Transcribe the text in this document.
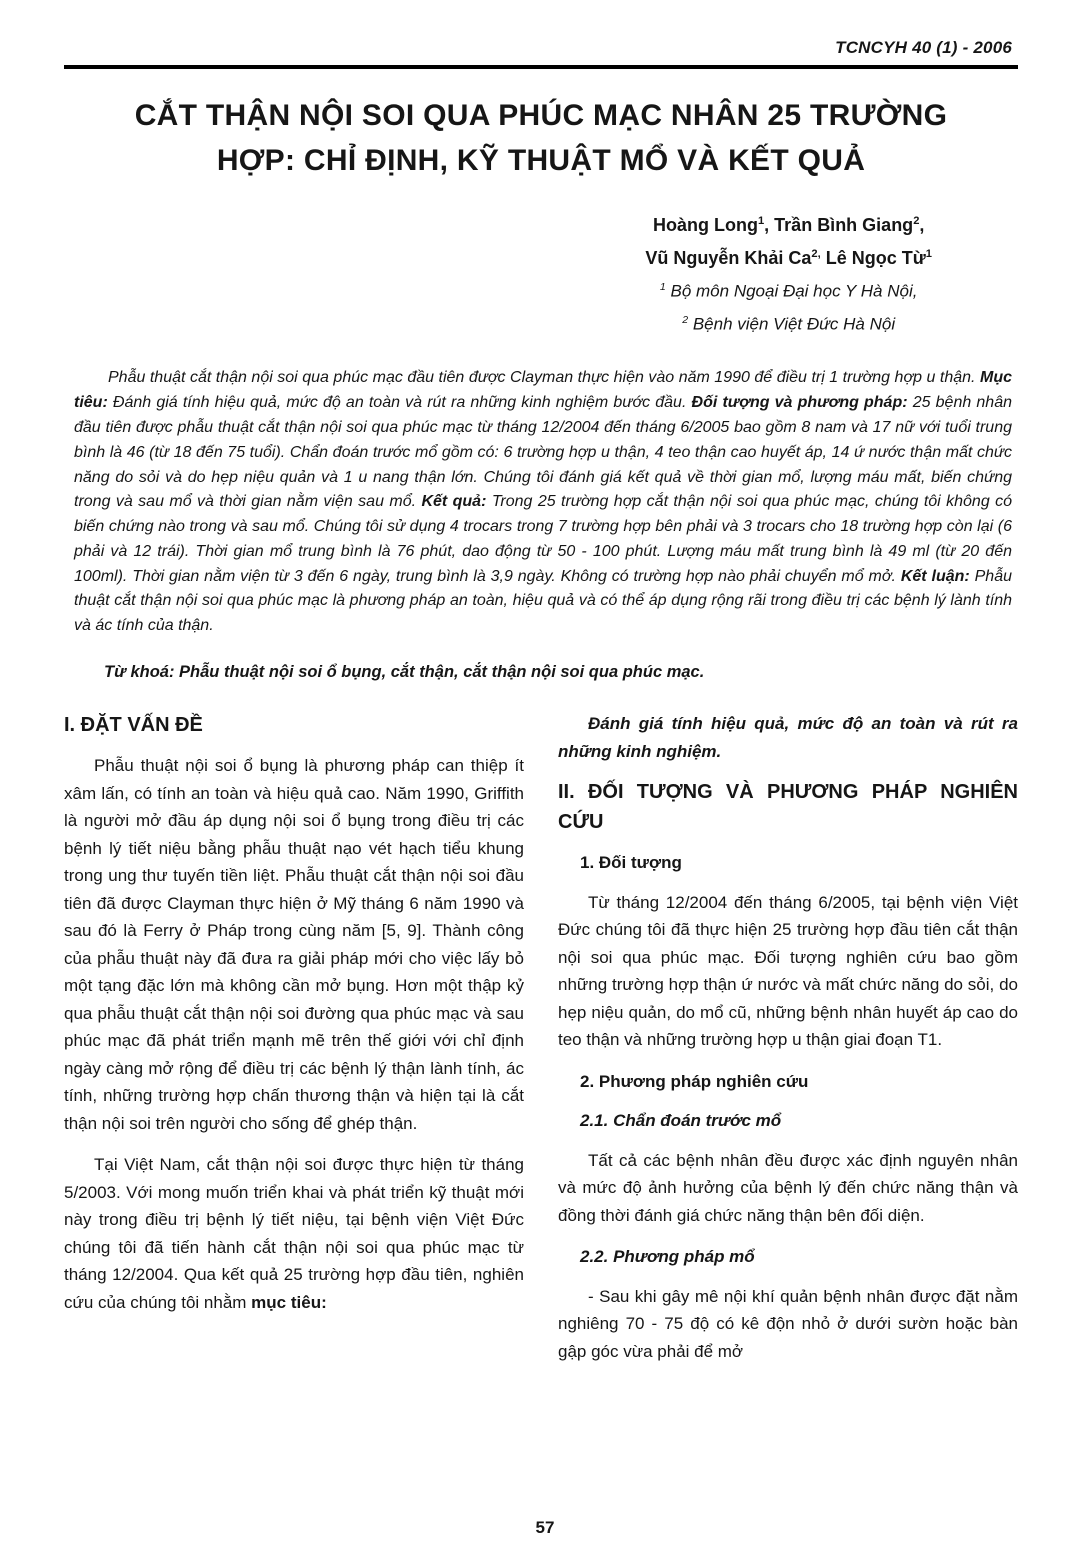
TCNCYH 40 (1) - 2006
CẮT THẬN NỘI SOI QUA PHÚC MẠC NHÂN 25 TRƯỜNG
HỢP: CHỈ ĐỊNH, KỸ THUẬT MỔ VÀ KẾT QUẢ
Hoàng Long$^1$, Trần Bình Giang$^2$,
Vũ Nguyễn Khải $Ca^{2,}$ Lê Ngọc Từ$^1$
$^1$ Bộ môn Ngoại Đại học Y Hà Nội,
$^2$ Bệnh viện Việt Đức Hà Nội

Phẫu thuật cắt thận nội soi qua phúc mạc đầu tiên được Clayman thực hiện vào năm 1990 để điều trị 1 trường hợp u thận. Mục tiêu: Đánh giá tính hiệu quả, mức độ an toàn và rút ra những kinh nghiệm bước đầu. Đối tượng và phương pháp: 25 bệnh nhân đầu tiên được phẫu thuật cắt thận nội soi qua phúc mạc từ tháng 12/2004 đến tháng 6/2005 bao gồm 8 nam và 17 nữ với tuổi trung bình là 46 (từ 18 đến 75 tuổi). Chẩn đoán trước mổ gồm có: 6 trường hợp u thận, 4 teo thận cao huyết áp, 14 ứ nước thận mất chức năng do sỏi và do hẹp niệu quản và 1 u nang thận lớn. Chúng tôi đánh giá kết quả về thời gian mổ, lượng máu mất, biến chứng trong và sau mổ và thời gian nằm viện sau mổ. Kết quả: Trong 25 trường hợp cắt thận nội soi qua phúc mạc, chúng tôi không có biến chứng nào trong và sau mổ. Chúng tôi sử dụng 4 trocars trong 7 trường hợp bên phải và 3 trocars cho 18 trường hợp còn lại (6 phải và 12 trái). Thời gian mổ trung bình là 76 phút, dao động từ 50 - 100 phút. Lượng máu mất trung bình là 49 ml (từ 20 đến 100ml). Thời gian nằm viện từ 3 đến 6 ngày, trung bình là 3,9 ngày. Không có trường hợp nào phải chuyển mổ mở. Kết luận: Phẫu thuật cắt thận nội soi qua phúc mạc là phương pháp an toàn, hiệu quả và có thể áp dụng rộng rãi trong điều trị các bệnh lý lành tính và ác tính của thận.

Từ khoá: Phẫu thuật nội soi ổ bụng, cắt thận, cắt thận nội soi qua phúc mạc.

I. ĐẶT VẤN ĐỀ

Phẫu thuật nội soi ổ bụng là phương pháp can thiệp ít xâm lấn, có tính an toàn và hiệu quả cao. Năm 1990, Griffith là người mở đầu áp dụng nội soi ổ bụng trong điều trị các bệnh lý tiết niệu bằng phẫu thuật nạo vét hạch tiểu khung trong ung thư tuyến tiền liệt. Phẫu thuật cắt thận nội soi đầu tiên đã được Clayman thực hiện ở Mỹ tháng 6 năm 1990 và sau đó là Ferry ở Pháp trong cùng năm [5, 9]. Thành công của phẫu thuật này đã đưa ra giải pháp mới cho việc lấy bỏ một tạng đặc lớn mà không cần mở bụng. Hơn một thập kỷ qua phẫu thuật cắt thận nội soi đường qua phúc mạc và sau phúc mạc đã phát triển mạnh mẽ trên thế giới với chỉ định ngày càng mở rộng để điều trị các bệnh lý thận lành tính, ác tính, những trường hợp chấn thương thận và hiện tại là cắt thận nội soi trên người cho sống để ghép thận.

Tại Việt Nam, cắt thận nội soi được thực hiện từ tháng 5/2003. Với mong muốn triển khai và phát triển kỹ thuật mới này trong điều trị bệnh lý tiết niệu, tại bệnh viện Việt Đức chúng tôi đã tiến hành cắt thận nội soi qua phúc mạc từ tháng 12/2004. Qua kết quả 25 trường hợp đầu tiên, nghiên cứu của chúng tôi nhằm mục tiêu:

Đánh giá tính hiệu quả, mức độ an toàn và rút ra những kinh nghiệm.

II. ĐỐI TƯỢNG VÀ PHƯƠNG PHÁP NGHIÊN CỨU
1. Đối tượng

Từ tháng 12/2004 đến tháng 6/2005, tại bệnh viện Việt Đức chúng tôi đã thực hiện 25 trường hợp đầu tiên cắt thận nội soi qua phúc mạc. Đối tượng nghiên cứu bao gồm những trường hợp thận ứ nước và mất chức năng do sỏi, do hẹp niệu quản, do mổ cũ, những bệnh nhân huyết áp cao do teo thận và những trường hợp u thận giai đoạn T1.

2. Phương pháp nghiên cứu
2.1. Chẩn đoán trước mổ

Tất cả các bệnh nhân đều được xác định nguyên nhân và mức độ ảnh hưởng của bệnh lý đến chức năng thận và đồng thời đánh giá chức năng thận bên đối diện.

2.2. Phương pháp mổ

- Sau khi gây mê nội khí quản bệnh nhân được đặt nằm nghiêng 70 - 75 độ có kê độn nhỏ ở dưới sườn hoặc bàn gập góc vừa phải để mở

57
